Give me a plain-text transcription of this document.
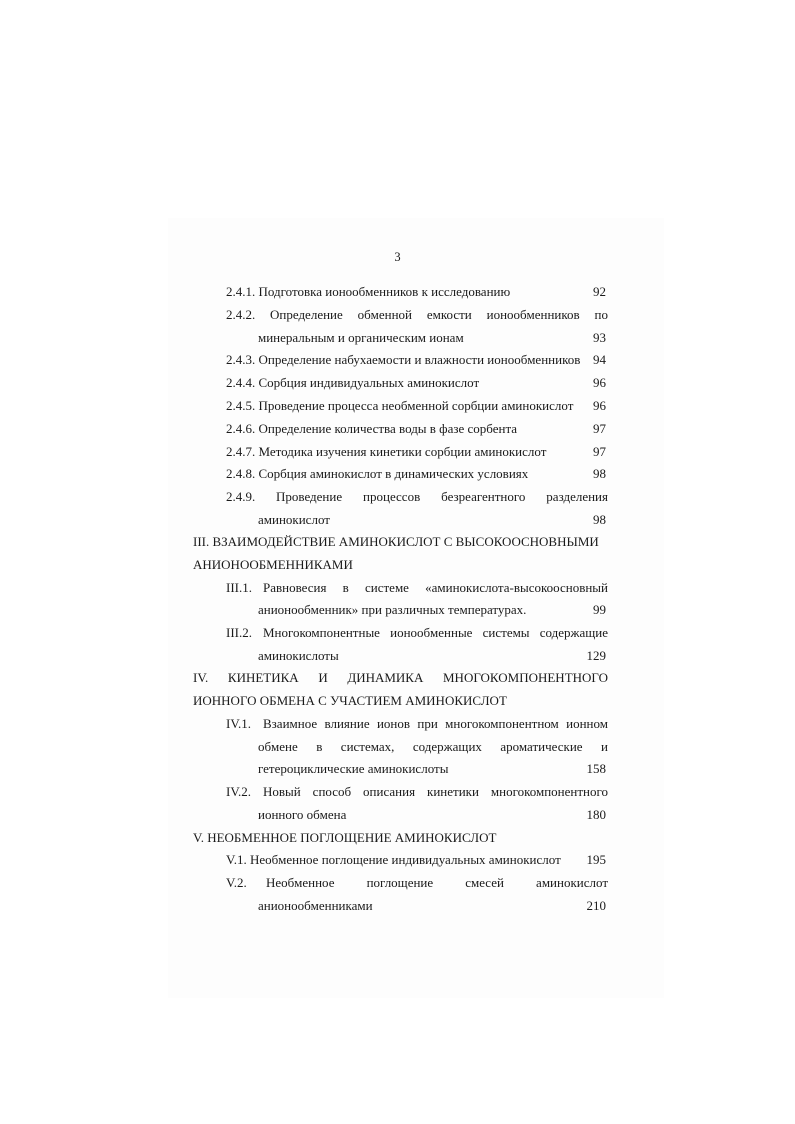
3
2.4.1. Подготовка ионообменников к исследованию	92
2.4.2. Определение обменной емкости ионообменников по
минеральным и органическим ионам	93
2.4.3. Определение набухаемости и влажности ионообменников 94
2.4.4. Сорбция индивидуальных аминокислот	96
2.4.5. Проведение процесса необменной сорбции аминокислот 96
2.4.6. Определение количества воды в фазе сорбента	97
2.4.7. Методика изучения кинетики сорбции аминокислот	97
2.4.8. Сорбция аминокислот в динамических условиях	98
2.4.9. Проведение процессов безреагентного разделения
аминокислот	98
III. ВЗАИМОДЕЙСТВИЕ АМИНОКИСЛОТ С ВЫСОКООСНОВНЫМИ
АНИОНООБМЕННИКАМИ
III.1. Равновесия в системе «аминокислота-высокоосновный
анионообменник» при различных температурах.	99
III.2. Многокомпонентные ионообменные системы содержащие
аминокислоты	129
IV. КИНЕТИКА И ДИНАМИКА МНОГОКОМПОНЕНТНОГО
ИОННОГО ОБМЕНА С УЧАСТИЕМ АМИНОКИСЛОТ
IV.1. Взаимное влияние ионов при многокомпонентном ионном
обмене в системах, содержащих ароматические и
гетероциклические аминокислоты	158
IV.2. Новый способ описания кинетики многокомпонентного
ионного обмена	180
V. НЕОБМЕННОЕ ПОГЛОЩЕНИЕ АМИНОКИСЛОТ
V.1. Необменное поглощение индивидуальных аминокислот 195
V.2. Необменное поглощение смесей аминокислот
анионообменниками	210
